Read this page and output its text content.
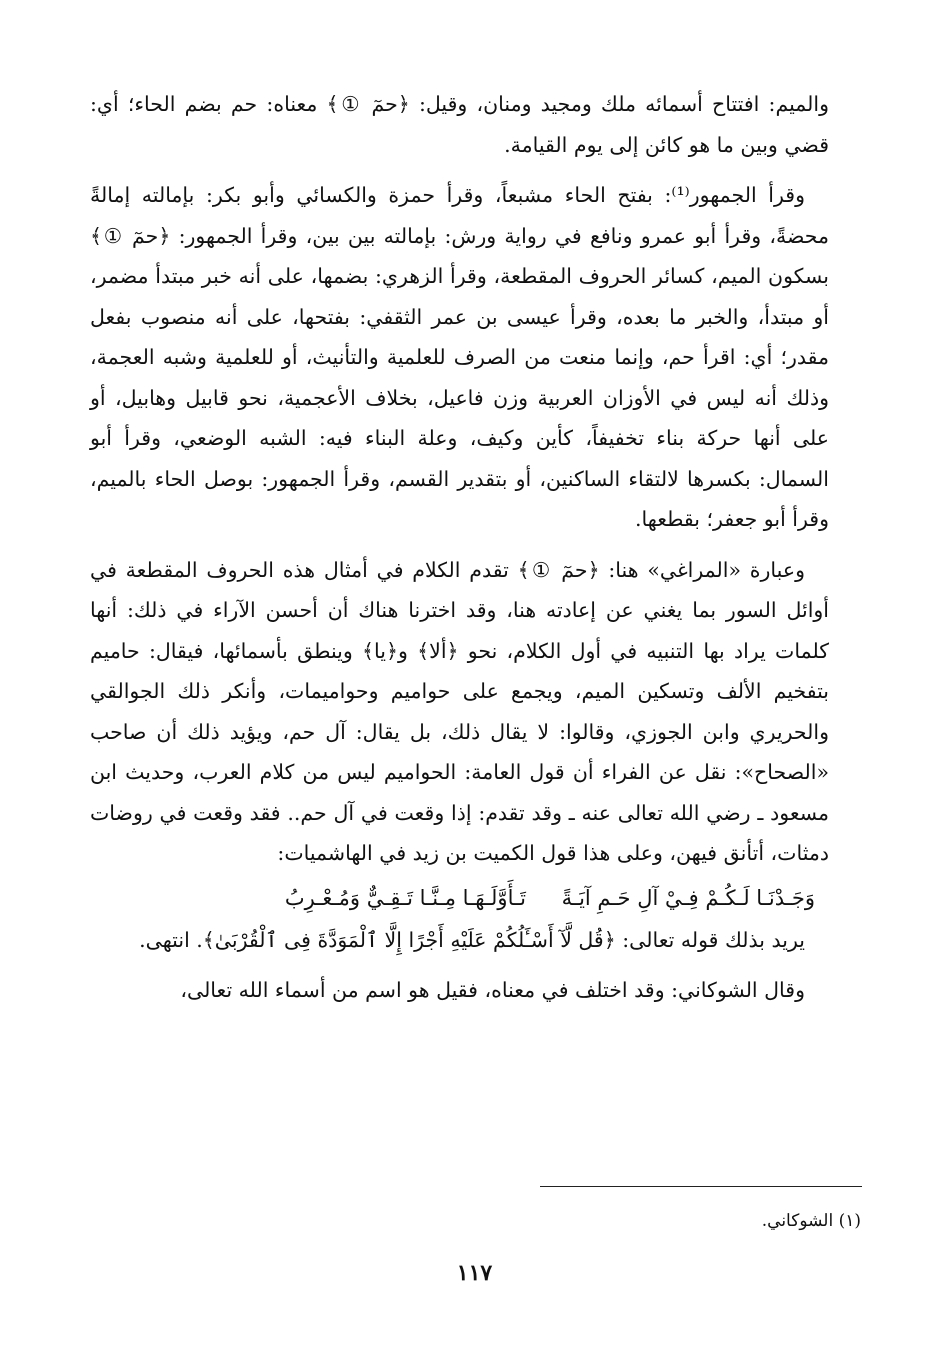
والميم: افتتاح أسمائه ملك ومجيد ومنان، وقيل: ﴿حمٓ ①﴾ معناه: حم بضم الحاء؛ أي: قضي وبين ما هو كائن إلى يوم القيامة.

وقرأ الجمهور⁽¹⁾: بفتح الحاء مشبعاً، وقرأ حمزة والكسائي وأبو بكر: بإمالته إمالةً محضةً، وقرأ أبو عمرو ونافع في رواية ورش: بإمالته بين بين، وقرأ الجمهور: ﴿حمٓ ①﴾ بسكون الميم، كسائر الحروف المقطعة، وقرأ الزهري: بضمها، على أنه خبر مبتدأ مضمر، أو مبتدأ، والخبر ما بعده، وقرأ عيسى بن عمر الثقفي: بفتحها، على أنه منصوب بفعل مقدر؛ أي: اقرأ حم، وإنما منعت من الصرف للعلمية والتأنيث، أو للعلمية وشبه العجمة، وذلك أنه ليس في الأوزان العربية وزن فاعيل، بخلاف الأعجمية، نحو قابيل وهابيل، أو على أنها حركة بناء تخفيفاً، كأين وكيف، وعلة البناء فيه: الشبه الوضعي، وقرأ أبو السمال: بكسرها لالتقاء الساكنين، أو بتقدير القسم، وقرأ الجمهور: بوصل الحاء بالميم، وقرأ أبو جعفر؛ بقطعها.

وعبارة «المراغي» هنا: ﴿حمٓ ①﴾ تقدم الكلام في أمثال هذه الحروف المقطعة في أوائل السور بما يغني عن إعادته هنا، وقد اخترنا هناك أن أحسن الآراء في ذلك: أنها كلمات يراد بها التنبيه في أول الكلام، نحو ﴿ألا﴾ و﴿يا﴾ وينطق بأسمائها، فيقال: حاميم بتفخيم الألف وتسكين الميم، ويجمع على حواميم وحواميمات، وأنكر ذلك الجوالقي والحريري وابن الجوزي، وقالوا: لا يقال ذلك، بل يقال: آل حم، ويؤيد ذلك أن صاحب «الصحاح»: نقل عن الفراء أن قول العامة: الحواميم ليس من كلام العرب، وحديث ابن مسعود ـ رضي الله تعالى عنه ـ وقد تقدم: إذا وقعت في آل حم.. فقد وقعت في روضات دمثات، أتأنق فيهن، وعلى هذا قول الكميت بن زيد في الهاشميات:

وَجَـدْنَـا لَـكُـمْ فِـيْ آلِ حَـمِ آيَـةً تَـأَوَّلَـهَـا مِـنَّـا تَـقِـيٌّ وَمُـعْـرِبُ

يريد بذلك قوله تعالى: ﴿قُل لَّآ أَسْـَٔلُكُمْ عَلَيْهِ أَجْرًا إِلَّا ٱلْمَوَدَّةَ فِى ٱلْقُرْبَىٰ﴾. انتهى.

وقال الشوكاني: وقد اختلف في معناه، فقيل هو اسم من أسماء الله تعالى،

(١) الشوكاني.
١١٧
